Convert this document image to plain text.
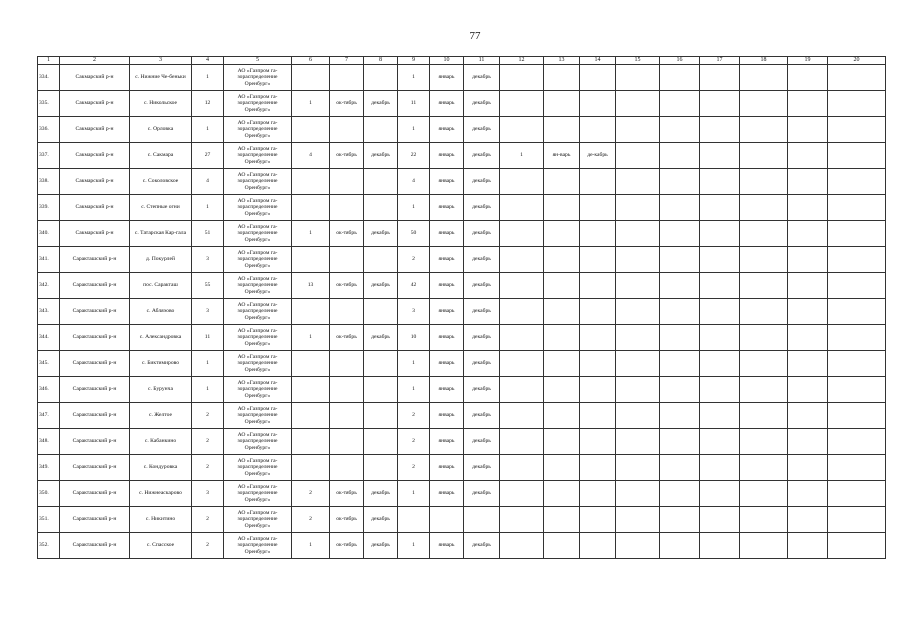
77
1	2	3	4	5	6	7	8	9	10	11	12	13	14	15	16	17	18	19	20
334.	Сакмарский р-н	с. Нижние Че-беньки	1	АО «Газпром га-зораспределение Оренбург»				1	январь	декабрь									
335.	Сакмарский р-н	с. Никольское	12	АО «Газпром га-зораспределение Оренбург»	1	ок-тябрь	декабрь	11	январь	декабрь									
336.	Сакмарский р-н	с. Орловка	1	АО «Газпром га-зораспределение Оренбург»				1	январь	декабрь									
337.	Сакмарский р-н	с. Сакмара	27	АО «Газпром га-зораспределение Оренбург»	4	ок-тябрь	декабрь	22	январь	декабрь	1	ян-варь	де-кабрь						
338.	Сакмарский р-н	с. Соколовское	4	АО «Газпром га-зораспределение Оренбург»				4	январь	декабрь									
339.	Сакмарский р-н	с. Степные огни	1	АО «Газпром га-зораспределение Оренбург»				1	январь	декабрь									
340.	Сакмарский р-н	с. Татарская Кар-гала	51	АО «Газпром га-зораспределение Оренбург»	1	ок-тябрь	декабрь	50	январь	декабрь									
341.	Саракташский р-н	д. Покурлей	3	АО «Газпром га-зораспределение Оренбург»				2	январь	декабрь									
342.	Саракташский р-н	пос. Саракташ	55	АО «Газпром га-зораспределение Оренбург»	13	ок-тябрь	декабрь	42	январь	декабрь									
343.	Саракташский р-н	с. Абляэово	3	АО «Газпром га-зораспределение Оренбург»				3	январь	декабрь									
344.	Саракташский р-н	с. Александровка	11	АО «Газпром га-зораспределение Оренбург»	1	ок-тябрь	декабрь	10	январь	декабрь									
345.	Саракташский р-н	с. Биктимирово	1	АО «Газпром га-зораспределение Оренбург»				1	январь	декабрь									
346.	Саракташский р-н	с. Бурунча	1	АО «Газпром га-зораспределение Оренбург»				1	январь	декабрь									
347.	Саракташский р-н	с. Желтое	2	АО «Газпром га-зораспределение Оренбург»				2	январь	декабрь									
348.	Саракташский р-н	с. Кабанкино	2	АО «Газпром га-зораспределение Оренбург»				2	январь	декабрь									
349.	Саракташский р-н	с. Кондуровка	2	АО «Газпром га-зораспределение Оренбург»				2	январь	декабрь									
350.	Саракташский р-н	с. Нижнеаскарово	3	АО «Газпром га-зораспределение Оренбург»	2	ок-тябрь	декабрь	1	январь	декабрь									
351.	Саракташский р-н	с. Никитино	2	АО «Газпром га-зораспределение Оренбург»	2	ок-тябрь	декабрь												
352.	Саракташский р-н	с. Спасское	2	АО «Газпром га-зораспределение Оренбург»	1	ок-тябрь	декабрь	1	январь	декабрь									
